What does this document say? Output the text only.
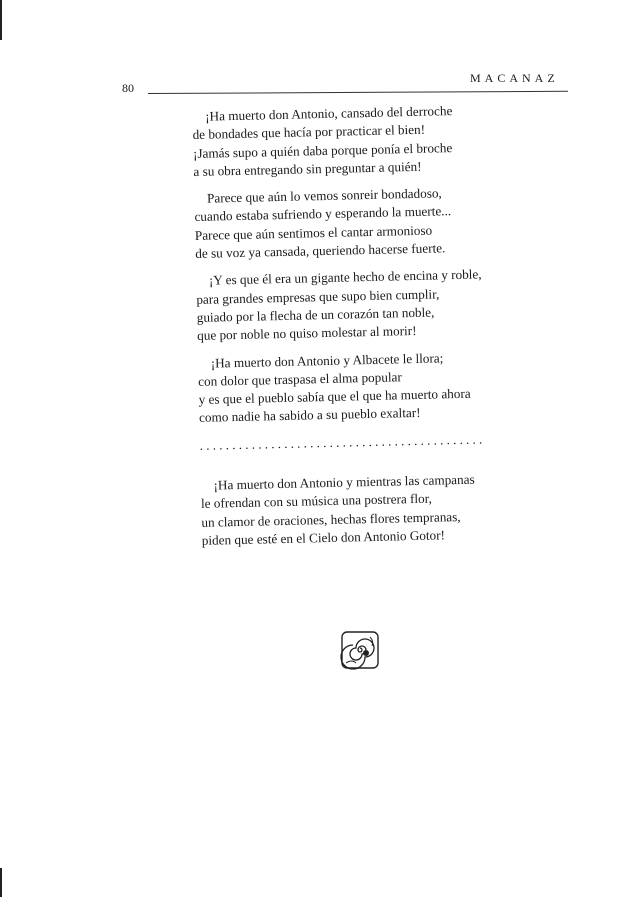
80
MACANAZ
¡Ha muerto don Antonio, cansado del derroche
de bondades que hacía por practicar el bien!
¡Jamás supo a quién daba porque ponía el broche
a su obra entregando sin preguntar a quién!
Parece que aún lo vemos sonreir bondadoso,
cuando estaba sufriendo y esperando la muerte...
Parece que aún sentimos el cantar armonioso
de su voz ya cansada, queriendo hacerse fuerte.
¡Y es que él era un gigante hecho de encina y roble,
para grandes empresas que supo bien cumplir,
guiado por la flecha de un corazón tan noble,
que por noble no quiso molestar al morir!
¡Ha muerto don Antonio y Albacete le llora;
con dolor que traspasa el alma popular
y es que el pueblo sabía que el que ha muerto ahora
como nadie ha sabido a su pueblo exaltar!
............................................
¡Ha muerto don Antonio y mientras las campanas
le ofrendan con su música una postrera flor,
un clamor de oraciones, hechas flores tempranas,
piden que esté en el Cielo don Antonio Gotor!
